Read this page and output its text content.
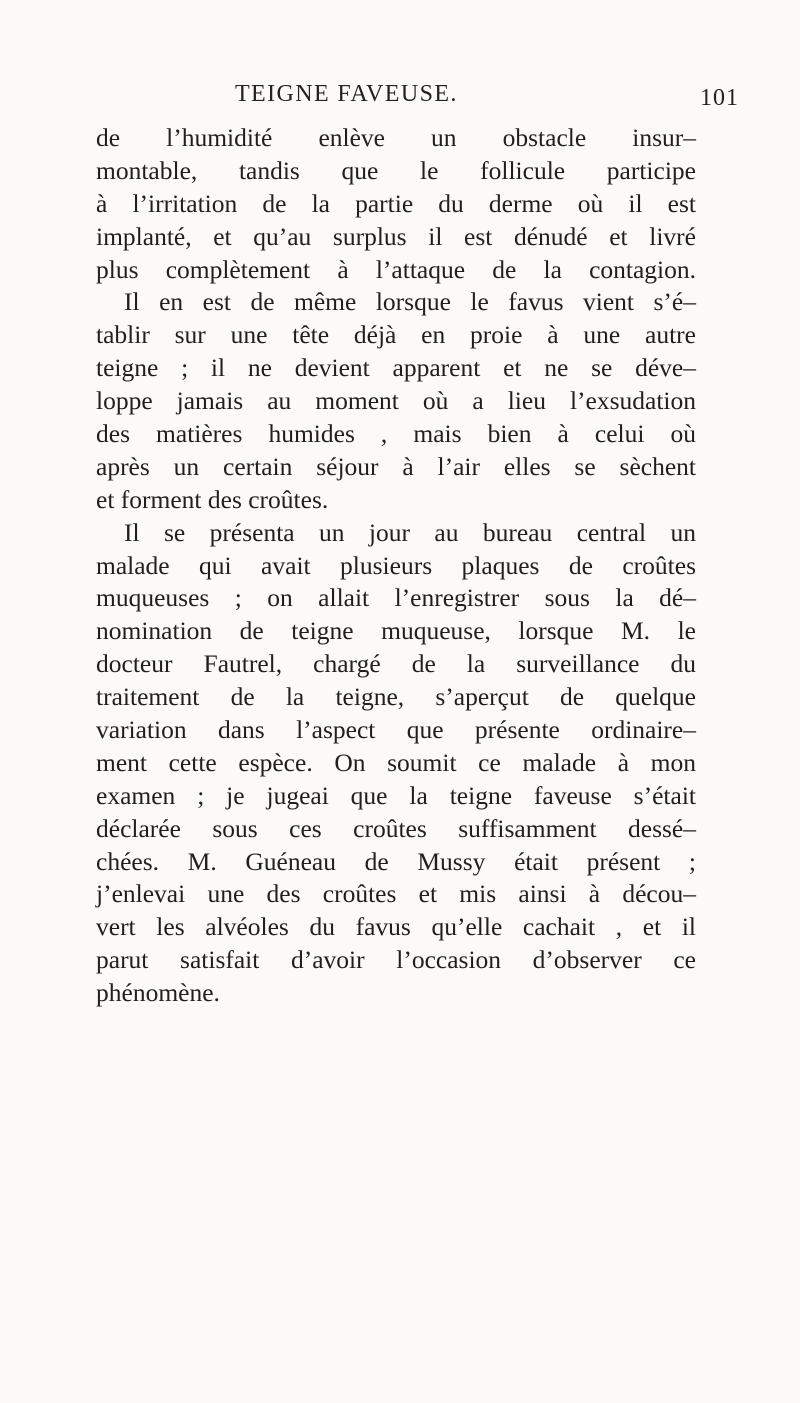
TEIGNE FAVEUSE.	101
de l’humidité enlève un obstacle insur–
montable, tandis que le follicule participe
à l’irritation de la partie du derme où il est
implanté, et qu’au surplus il est dénudé et livré
plus complètement à l’attaque de la contagion.
Il en est de même lorsque le favus vient s’é–
tablir sur une tête déjà en proie à une autre
teigne ; il ne devient apparent et ne se déve–
loppe jamais au moment où a lieu l’exsudation
des matières humides , mais bien à celui où
après un certain séjour à l’air elles se sèchent
et forment des croûtes.
Il se présenta un jour au bureau central un
malade qui avait plusieurs plaques de croûtes
muqueuses ; on allait l’enregistrer sous la dé–
nomination de teigne muqueuse, lorsque M. le
docteur Fautrel, chargé de la surveillance du
traitement de la teigne, s’aperçut de quelque
variation dans l’aspect que présente ordinaire–
ment cette espèce. On soumit ce malade à mon
examen ; je jugeai que la teigne faveuse s’était
déclarée sous ces croûtes suffisamment dessé–
chées. M. Guéneau de Mussy était présent ;
j’enlevai une des croûtes et mis ainsi à décou–
vert les alvéoles du favus qu’elle cachait , et il
parut satisfait d’avoir l’occasion d’observer ce
phénomène.
